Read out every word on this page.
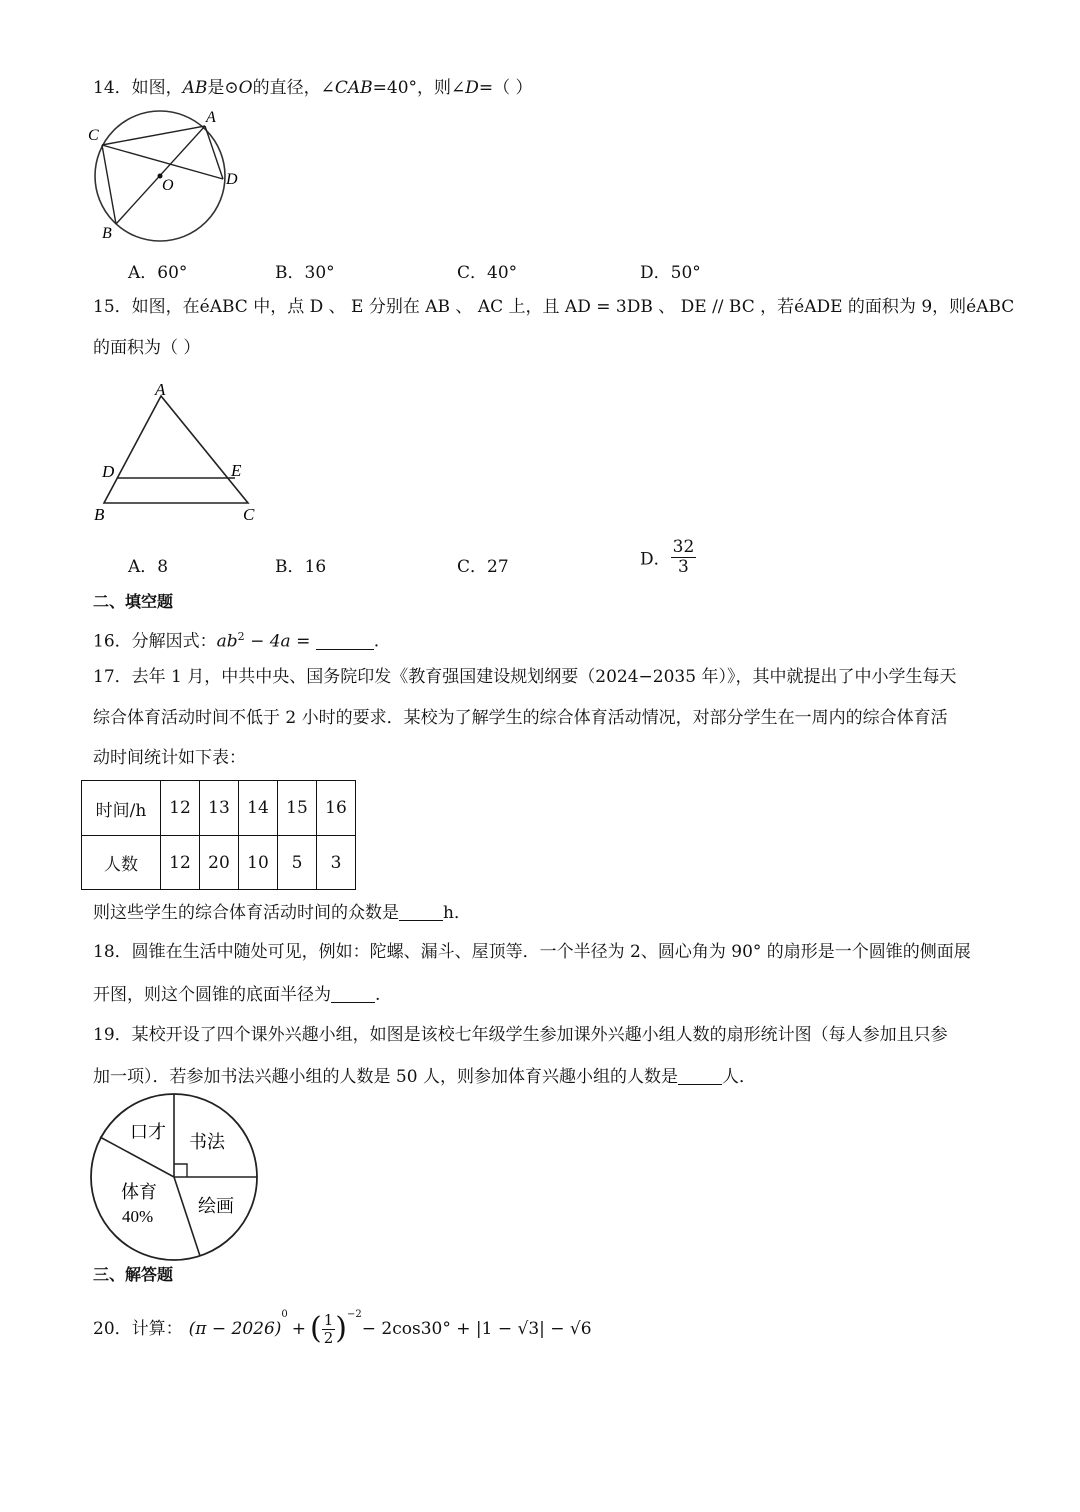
14．如图，AB是⊙O的直径，∠CAB=40°，则∠D=（ ）
A
B
C
D
O
A．60°	B．30°	C．40°	D．50°
15．如图，在éABC 中，点 D 、 E 分别在 AB 、 AC 上，且 AD = 3DB 、 DE // BC ，若éADE 的面积为 9，则éABC
的面积为（ ）
A
B	C
D	E
A．8	B．16	C．27	D． $\frac{32}{3}$
二、填空题
16．分解因式：$ab^2 - 4a$ =	.
17．去年 1 月，中共中央、国务院印发《教育强国建设规划纲要（2024−2035 年）》，其中就提出了中小学生每天
综合体育活动时间不低于 2 小时的要求．某校为了解学生的综合体育活动情况，对部分学生在一周内的综合体育活
动时间统计如下表：
时间/h	12	13	14	15	16
人数	12	20	10	5	3
则这些学生的综合体育活动时间的众数是	h．
18．圆锥在生活中随处可见，例如：陀螺、漏斗、屋顶等．一个半径为 2、圆心角为 90° 的扇形是一个圆锥的侧面展
开图，则这个圆锥的底面半径为	.
19．某校开设了四个课外兴趣小组，如图是该校七年级学生参加课外兴趣小组人数的扇形统计图（每人参加且只参
加一项）．若参加书法兴趣小组的人数是 50 人，则参加体育兴趣小组的人数是	人．
口才 书法
体育
40%
绘画
三、解答题
20． 计算： (π − 2026)
0
+ ( $\frac{1}{2} )^{-2}$
− 2cos30° + |1 − √3| − √6
